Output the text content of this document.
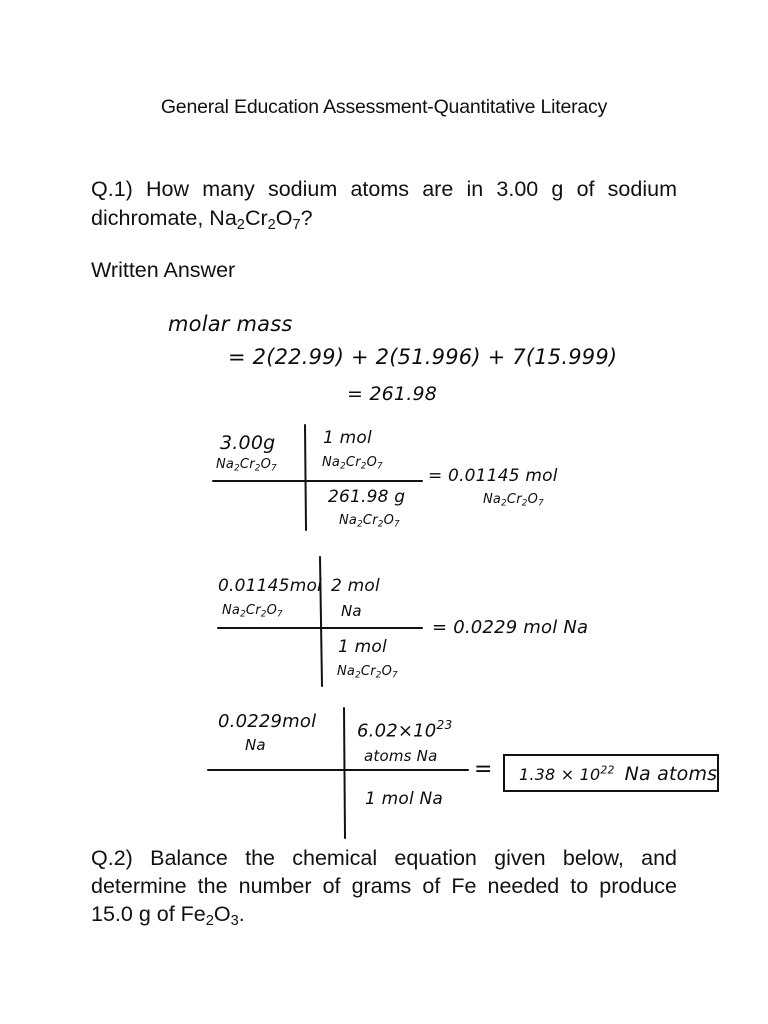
General Education Assessment-Quantitative Literacy
Q.1) How many sodium atoms are in 3.00 g of sodium
dichromate, $Na_2Cr_2O_7$?
Written Answer
molar mass
= 2(22.99) + 2(51.996) + 7(15.999)
= 261.98
3.00g
$Na_2Cr_2O_7$
1 mol
$Na_2Cr_2O_7$
261.98 g
$Na_2Cr_2O_7$
= 0.01145 mol
$Na_2Cr_2O_7$
0.01145mol
$Na_2Cr_2O_7$
2 mol
Na
1 mol
$Na_2Cr_2O_7$
= 0.0229 mol Na
0.0229mol
Na
$6.02\times 10^{23}$
atoms Na
1 mol Na
= $1.38 \times 10^{22}$ Na atoms
Q.2) Balance the chemical equation given below, and
determine the number of grams of Fe needed to produce
15.0 g of $Fe_2O_3$.
